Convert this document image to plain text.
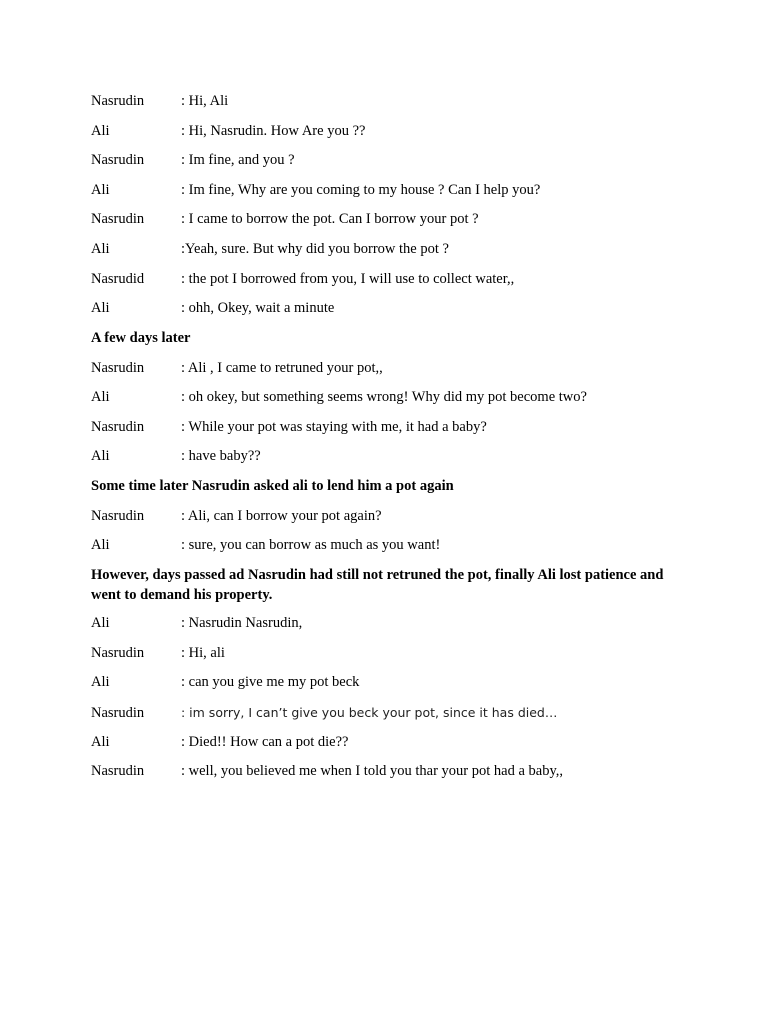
Nasrudin	: Hi, Ali
Ali	: Hi, Nasrudin. How Are you ??
Nasrudin	: Im fine, and you ?
Ali	: Im fine, Why are you coming to my house ? Can I help you?
Nasrudin	: I came to borrow the pot. Can I borrow your pot ?
Ali	:Yeah, sure. But why did you borrow the pot ?
Nasrudid	: the pot I borrowed from you, I will use to collect water,,
Ali	: ohh, Okey, wait a minute
A few days later
Nasrudin	: Ali , I came to retruned your pot,,
Ali	: oh okey, but something seems wrong! Why did my pot become two?
Nasrudin	: While your pot was staying with me, it had a baby?
Ali	: have baby??
Some time later Nasrudin asked ali to lend him a pot again
Nasrudin	: Ali, can I borrow your pot again?
Ali	: sure, you can borrow as much as you want!
However, days passed ad Nasrudin had still not retruned the pot, finally Ali lost patience and went to demand his property.
Ali	: Nasrudin Nasrudin,
Nasrudin	: Hi, ali
Ali	: can you give me my pot beck
Nasrudin	: im sorry, I can’t give you beck your pot, since it has died…
Ali	: Died!! How can a pot die??
Nasrudin	: well, you believed me when I told you thar your pot had a baby,,
